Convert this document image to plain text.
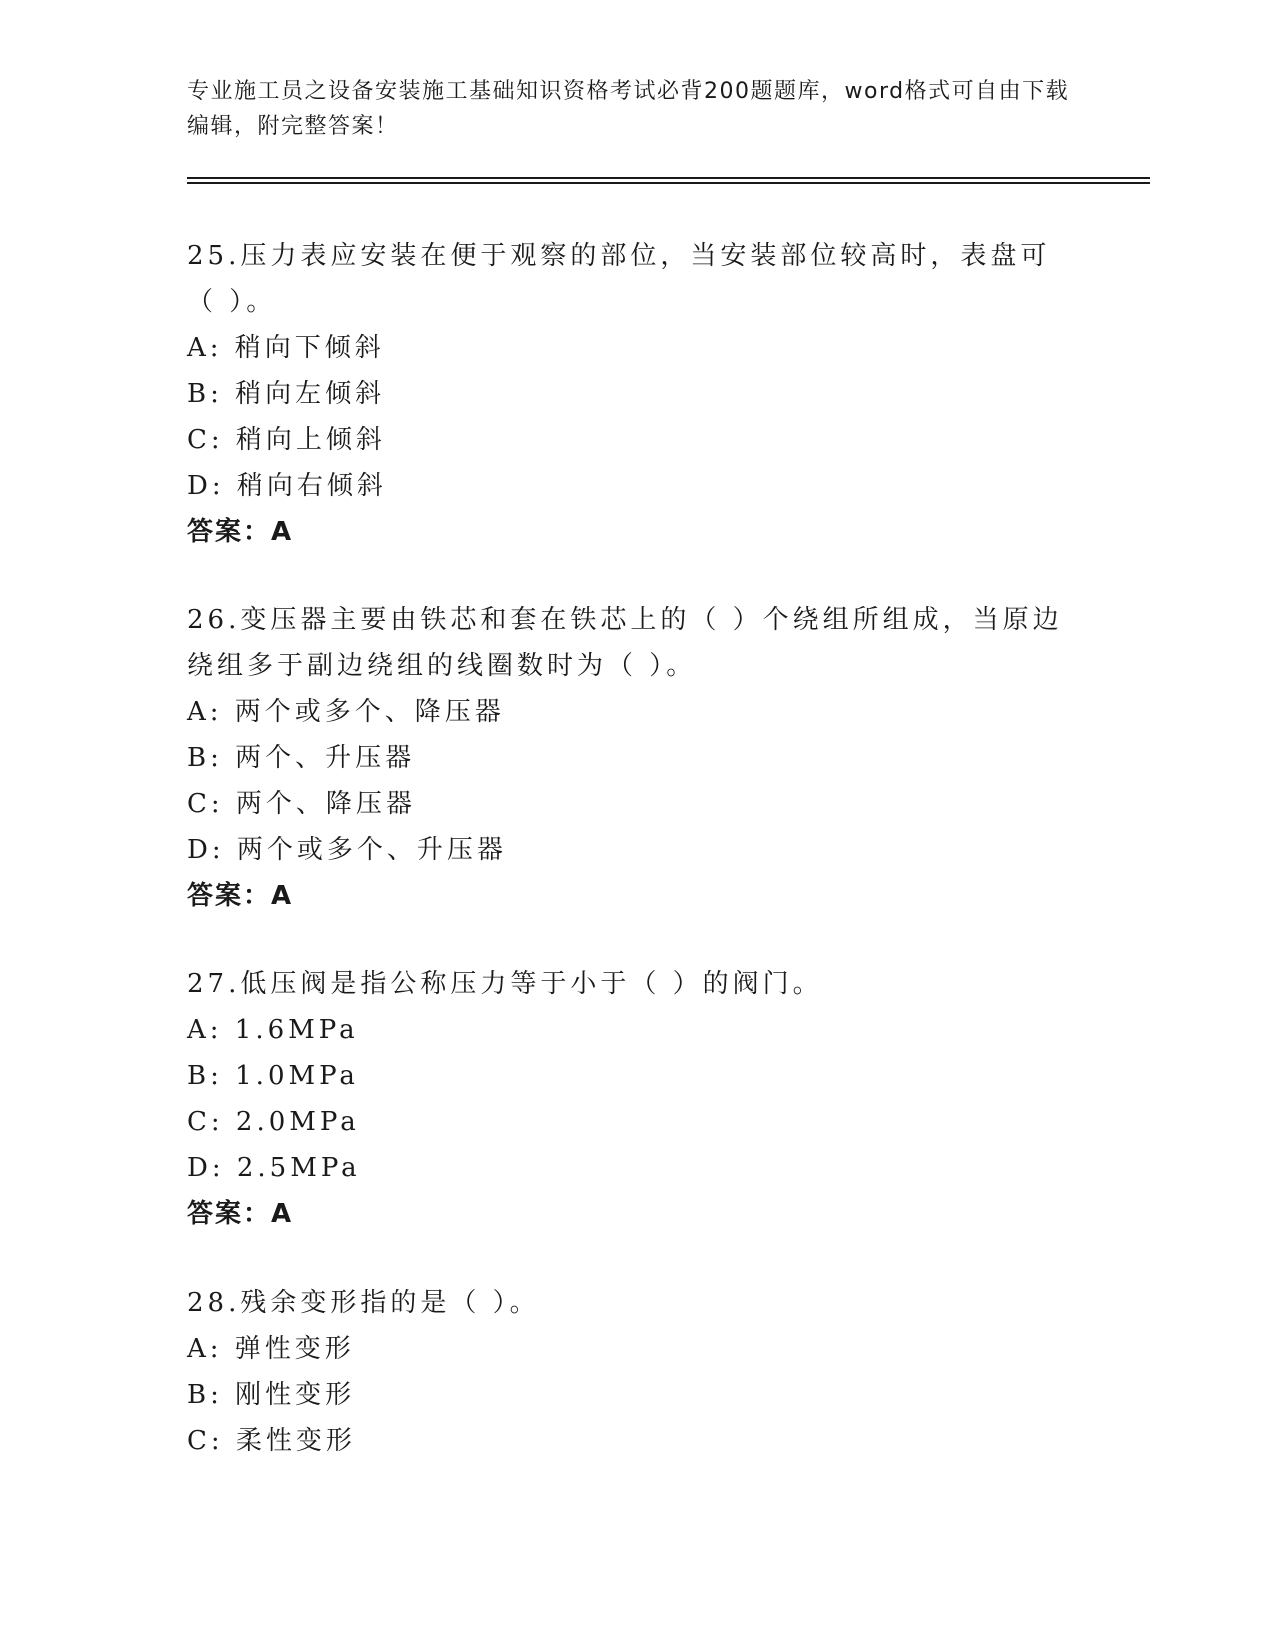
专业施工员之设备安装施工基础知识资格考试必背200题题库，word格式可自由下载编辑，附完整答案！

25.压力表应安装在便于观察的部位，当安装部位较高时，表盘可（ ）。

A: 稍向下倾斜
B: 稍向左倾斜
C: 稍向上倾斜
D: 稍向右倾斜
答案：A

26.变压器主要由铁芯和套在铁芯上的（ ）个绕组所组成，当原边绕组多于副边绕组的线圈数时为（ ）。

A: 两个或多个、降压器
B: 两个、升压器
C: 两个、降压器
D: 两个或多个、升压器
答案：A

27.低压阀是指公称压力等于小于（ ）的阀门。

A: 1.6MPa
B: 1.0MPa
C: 2.0MPa
D: 2.5MPa
答案：A

28.残余变形指的是（ ）。

A: 弹性变形
B: 刚性变形
C: 柔性变形
